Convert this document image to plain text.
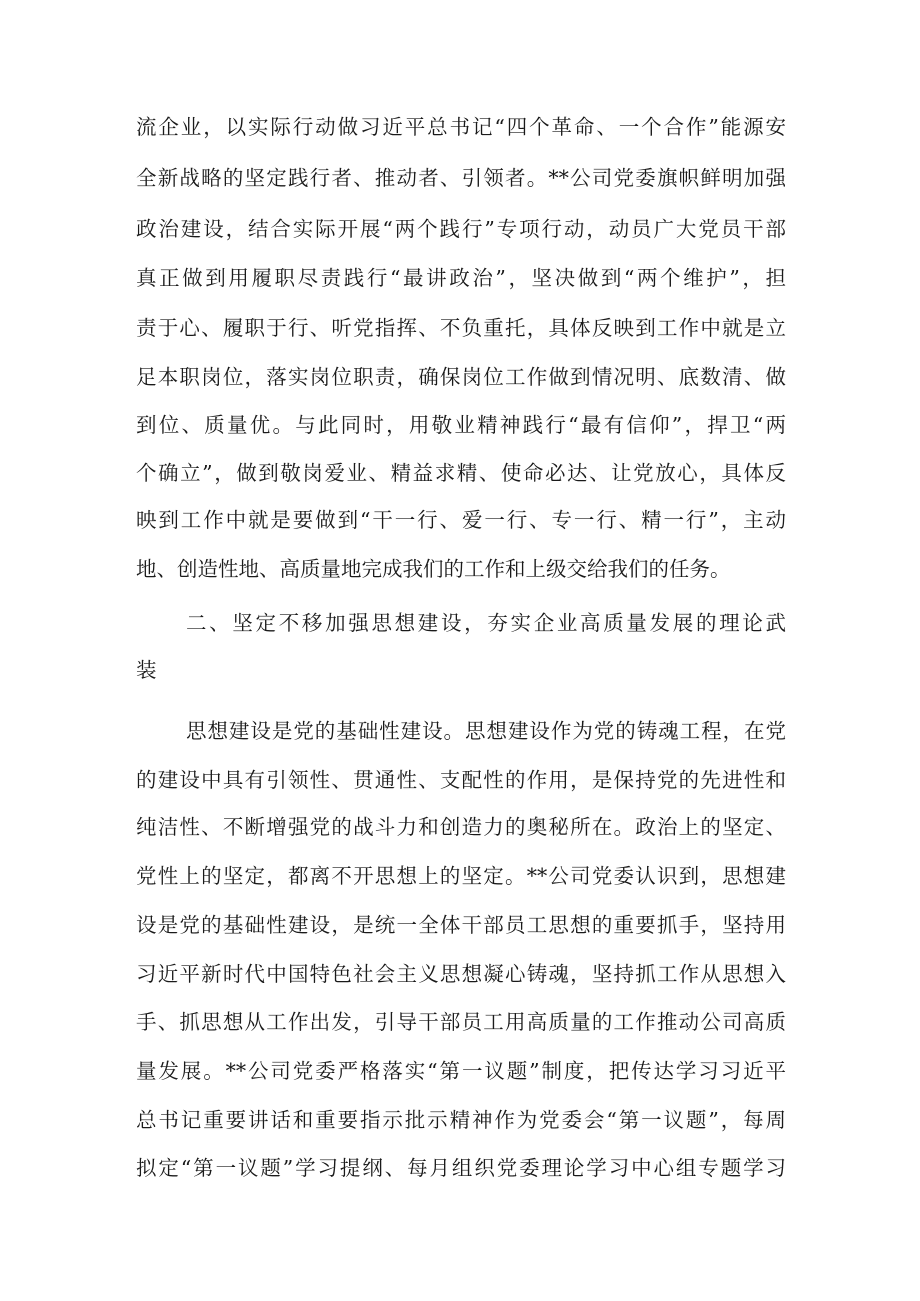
流企业，以实际行动做习近平总书记“四个革命、一个合作”能源安
全新战略的坚定践行者、推动者、引领者。**公司党委旗帜鲜明加强
政治建设，结合实际开展“两个践行”专项行动，动员广大党员干部
真正做到用履职尽责践行“最讲政治”，坚决做到“两个维护”，担
责于心、履职于行、听党指挥、不负重托，具体反映到工作中就是立
足本职岗位，落实岗位职责，确保岗位工作做到情况明、底数清、做
到位、质量优。与此同时，用敬业精神践行“最有信仰”，捍卫“两
个确立”，做到敬岗爱业、精益求精、使命必达、让党放心，具体反
映到工作中就是要做到“干一行、爱一行、专一行、精一行”，主动
地、创造性地、高质量地完成我们的工作和上级交给我们的任务。
二、坚定不移加强思想建设，夯实企业高质量发展的理论武
装
思想建设是党的基础性建设。思想建设作为党的铸魂工程，在党
的建设中具有引领性、贯通性、支配性的作用，是保持党的先进性和
纯洁性、不断增强党的战斗力和创造力的奥秘所在。政治上的坚定、
党性上的坚定，都离不开思想上的坚定。**公司党委认识到，思想建
设是党的基础性建设，是统一全体干部员工思想的重要抓手，坚持用
习近平新时代中国特色社会主义思想凝心铸魂，坚持抓工作从思想入
手、抓思想从工作出发，引导干部员工用高质量的工作推动公司高质
量发展。**公司党委严格落实“第一议题”制度，把传达学习习近平
总书记重要讲话和重要指示批示精神作为党委会“第一议题”，每周
拟定“第一议题”学习提纲、每月组织党委理论学习中心组专题学习
